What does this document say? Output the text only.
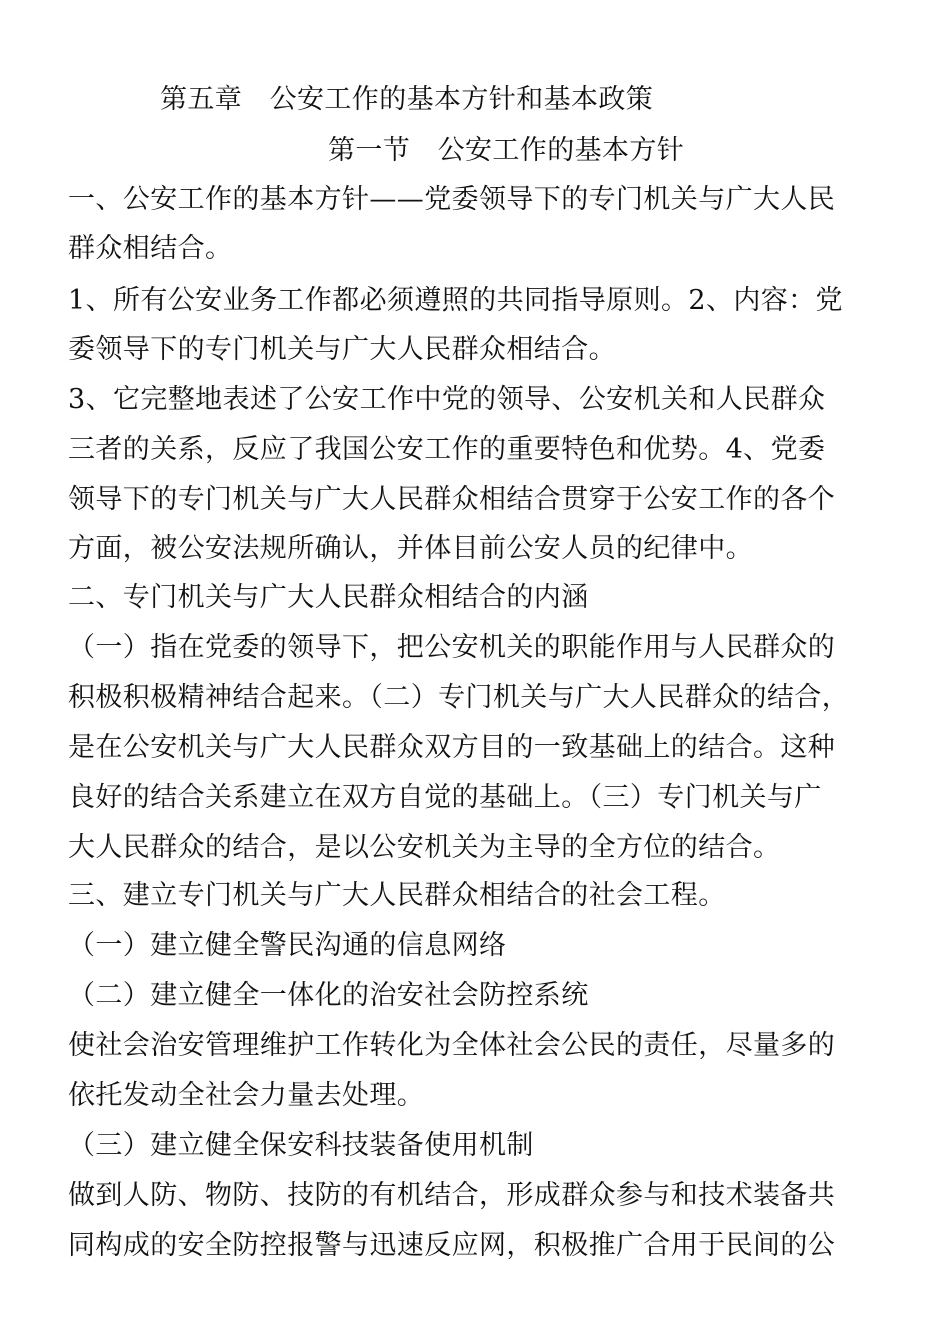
第五章　公安工作的基本方针和基本政策
第一节　公安工作的基本方针
一、公安工作的基本方针——党委领导下的专门机关与广大人民
群众相结合。
1、所有公安业务工作都必须遵照的共同指导原则。2、内容：党
委领导下的专门机关与广大人民群众相结合。
3、它完整地表述了公安工作中党的领导、公安机关和人民群众
三者的关系，反应了我国公安工作的重要特色和优势。4、党委
领导下的专门机关与广大人民群众相结合贯穿于公安工作的各个
方面，被公安法规所确认，并体目前公安人员的纪律中。
二、专门机关与广大人民群众相结合的内涵
（一）指在党委的领导下，把公安机关的职能作用与人民群众的
积极积极精神结合起来。（二）专门机关与广大人民群众的结合，
是在公安机关与广大人民群众双方目的一致基础上的结合。这种
良好的结合关系建立在双方自觉的基础上。（三）专门机关与广
大人民群众的结合，是以公安机关为主导的全方位的结合。
三、建立专门机关与广大人民群众相结合的社会工程。
（一）建立健全警民沟通的信息网络
（二）建立健全一体化的治安社会防控系统
使社会治安管理维护工作转化为全体社会公民的责任，尽量多的
依托发动全社会力量去处理。
（三）建立健全保安科技装备使用机制
做到人防、物防、技防的有机结合，形成群众参与和技术装备共
同构成的安全防控报警与迅速反应网，积极推广合用于民间的公
